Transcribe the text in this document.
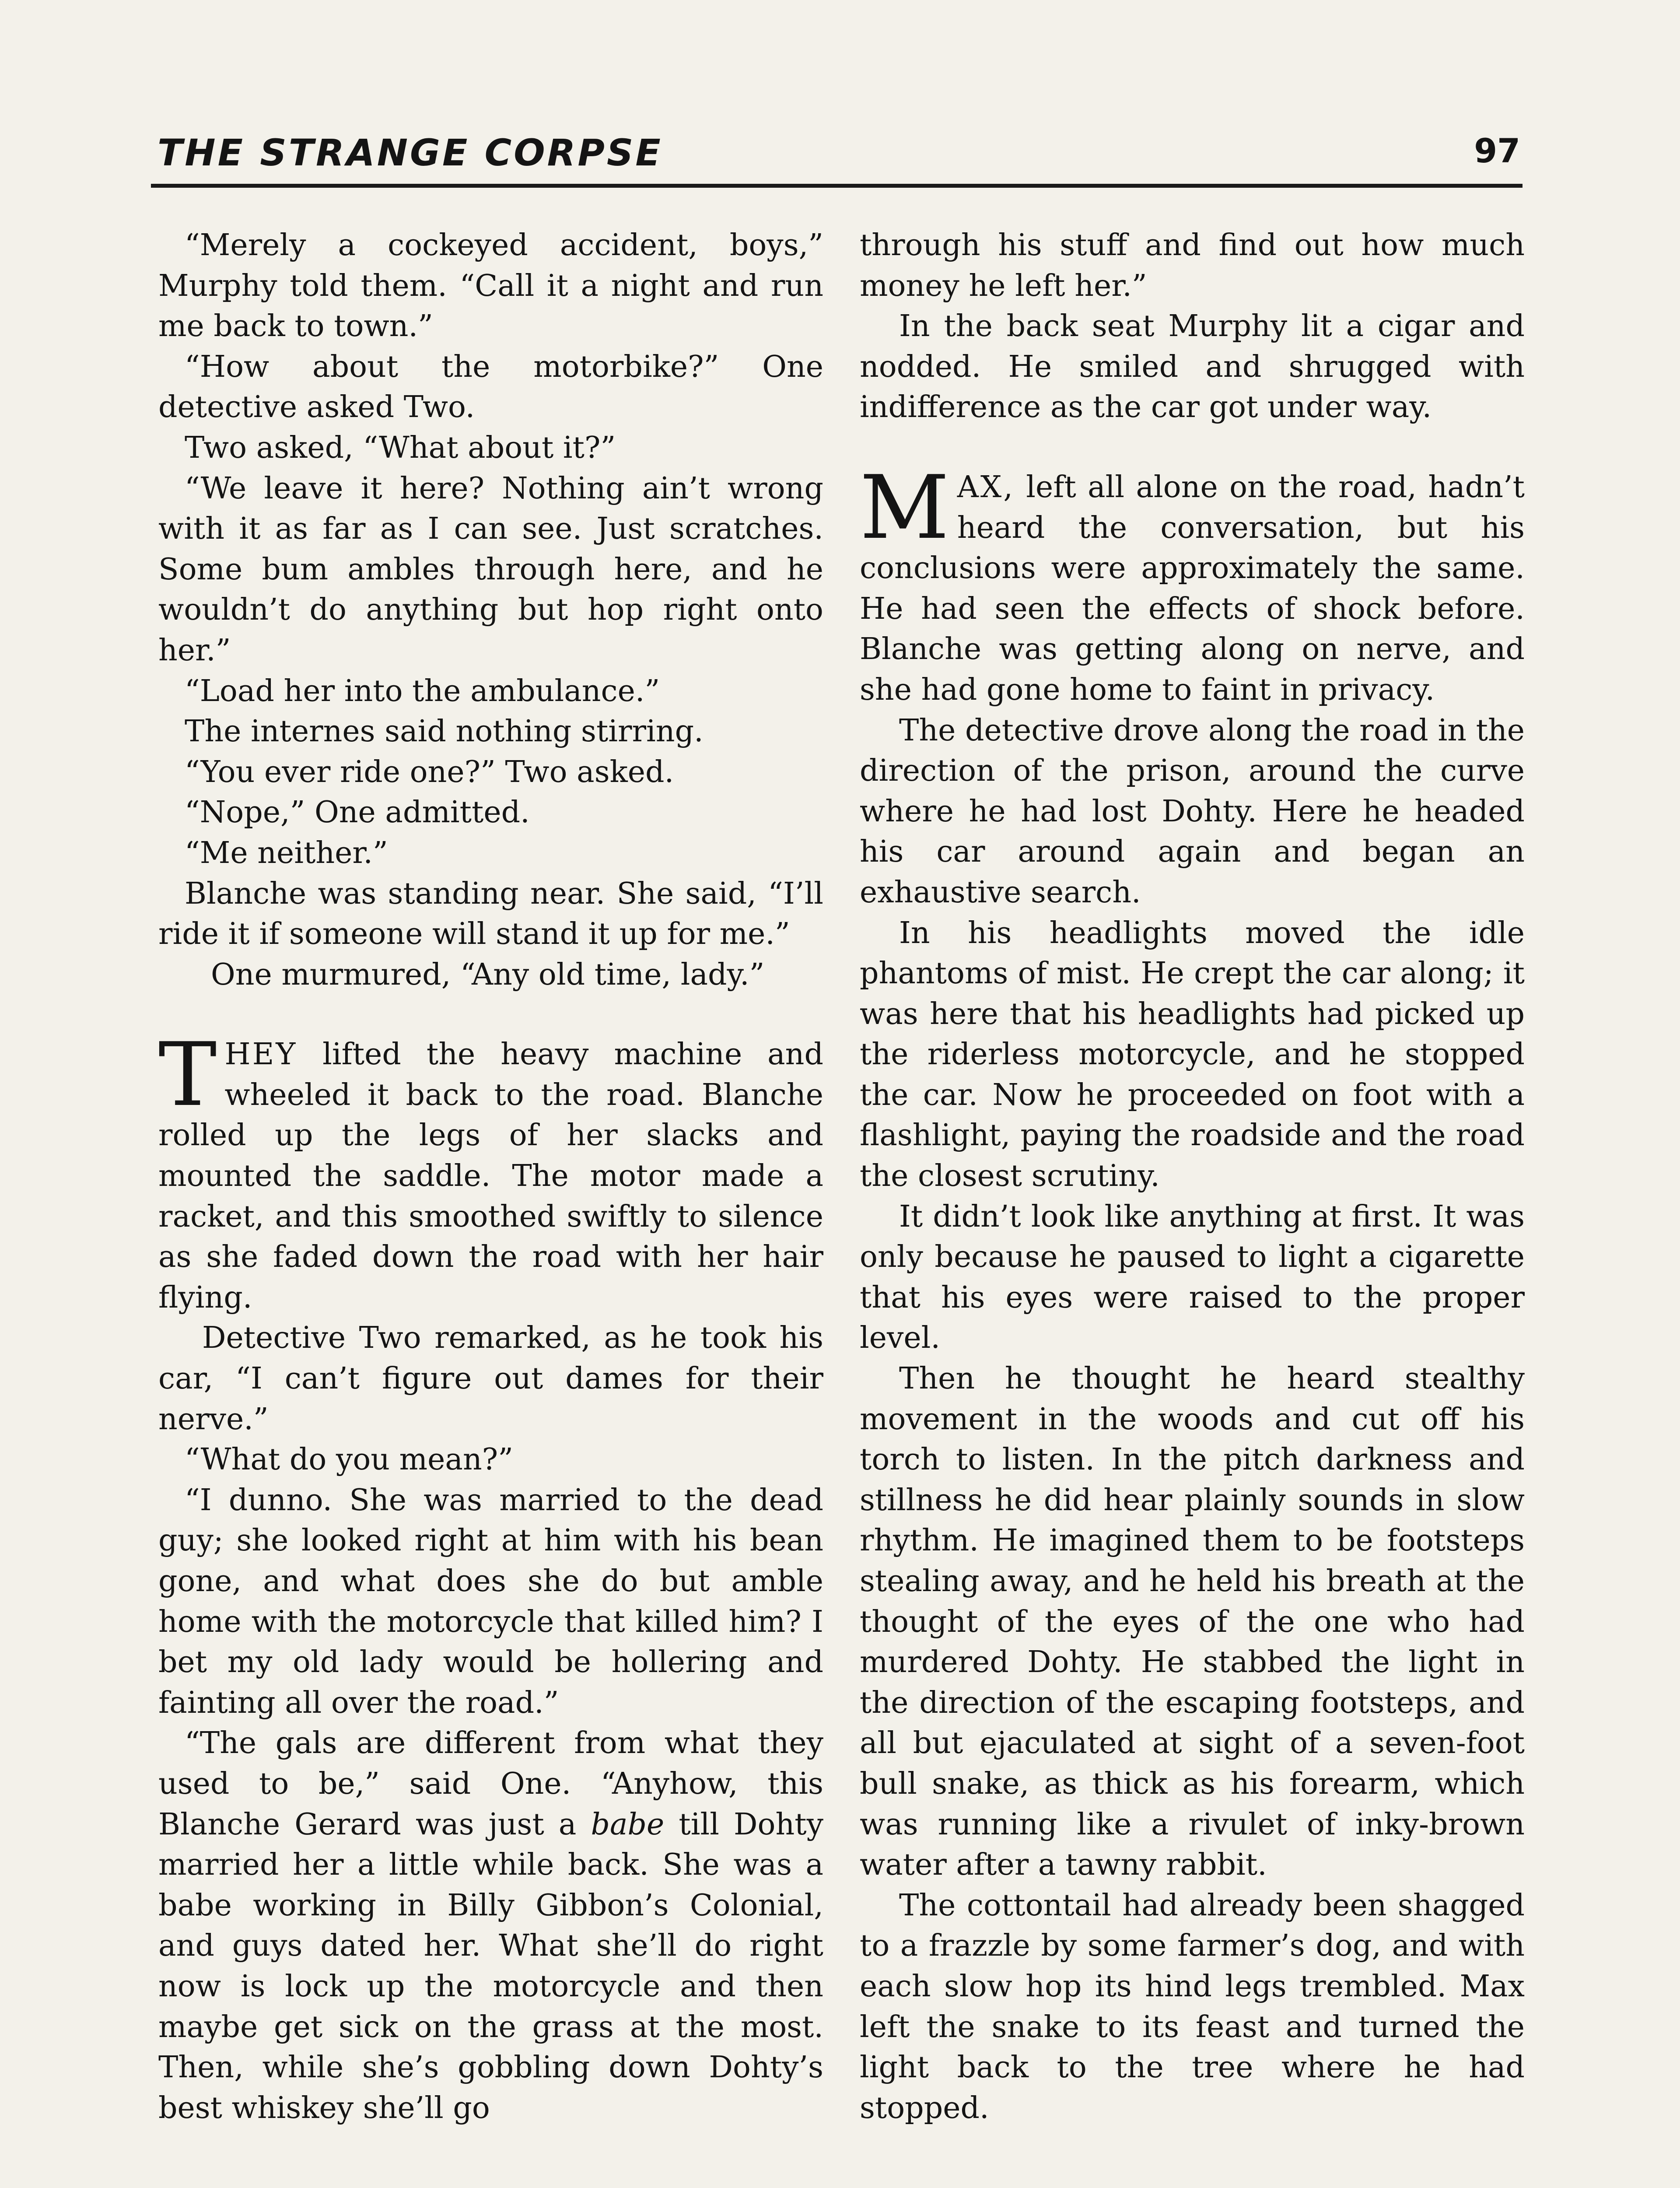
THE STRANGE CORPSE	97

“Merely a cockeyed accident, boys,” Murphy told them. “Call it a night and run me back to town.”

“How about the motorbike?” One detective asked Two.

Two asked, “What about it?”

“We leave it here? Nothing ain’t wrong with it as far as I can see. Just scratches. Some bum ambles through here, and he wouldn’t do anything but hop right onto her.”

“Load her into the ambulance.”

The internes said nothing stirring.

“You ever ride one?” Two asked.

“Nope,” One admitted.

“Me neither.”

Blanche was standing near. She said, “I’ll ride it if someone will stand it up for me.”

One murmured, “Any old time, lady.”

THEY lifted the heavy machine and wheeled it back to the road. Blanche rolled up the legs of her slacks and mounted the saddle. The motor made a racket, and this smoothed swiftly to silence as she faded down the road with her hair flying.

Detective Two remarked, as he took his car, “I can’t figure out dames for their nerve.”

“What do you mean?”

“I dunno. She was married to the dead guy; she looked right at him with his bean gone, and what does she do but amble home with the motorcycle that killed him? I bet my old lady would be hollering and fainting all over the road.”

“The gals are different from what they used to be,” said One. “Anyhow, this Blanche Gerard was just a babe till Dohty married her a little while back. She was a babe working in Billy Gibbon’s Colonial, and guys dated her. What she’ll do right now is lock up the motorcycle and then maybe get sick on the grass at the most. Then, while she’s gobbling down Dohty’s best whiskey she’ll go

through his stuff and find out how much money he left her.”

In the back seat Murphy lit a cigar and nodded. He smiled and shrugged with indifference as the car got under way.

MAX, left all alone on the road, hadn’t heard the conversation, but his conclusions were approximately the same. He had seen the effects of shock before. Blanche was getting along on nerve, and she had gone home to faint in privacy.

The detective drove along the road in the direction of the prison, around the curve where he had lost Dohty. Here he headed his car around again and began an exhaustive search.

In his headlights moved the idle phantoms of mist. He crept the car along; it was here that his headlights had picked up the riderless motorcycle, and he stopped the car. Now he proceeded on foot with a flashlight, paying the roadside and the road the closest scrutiny.

It didn’t look like anything at first. It was only because he paused to light a cigarette that his eyes were raised to the proper level.

Then he thought he heard stealthy movement in the woods and cut off his torch to listen. In the pitch darkness and stillness he did hear plainly sounds in slow rhythm. He imagined them to be footsteps stealing away, and he held his breath at the thought of the eyes of the one who had murdered Dohty. He stabbed the light in the direction of the escaping footsteps, and all but ejaculated at sight of a seven-foot bull snake, as thick as his forearm, which was running like a rivulet of inky-brown water after a tawny rabbit.

The cottontail had already been shagged to a frazzle by some farmer’s dog, and with each slow hop its hind legs trembled. Max left the snake to its feast and turned the light back to the tree where he had stopped.
